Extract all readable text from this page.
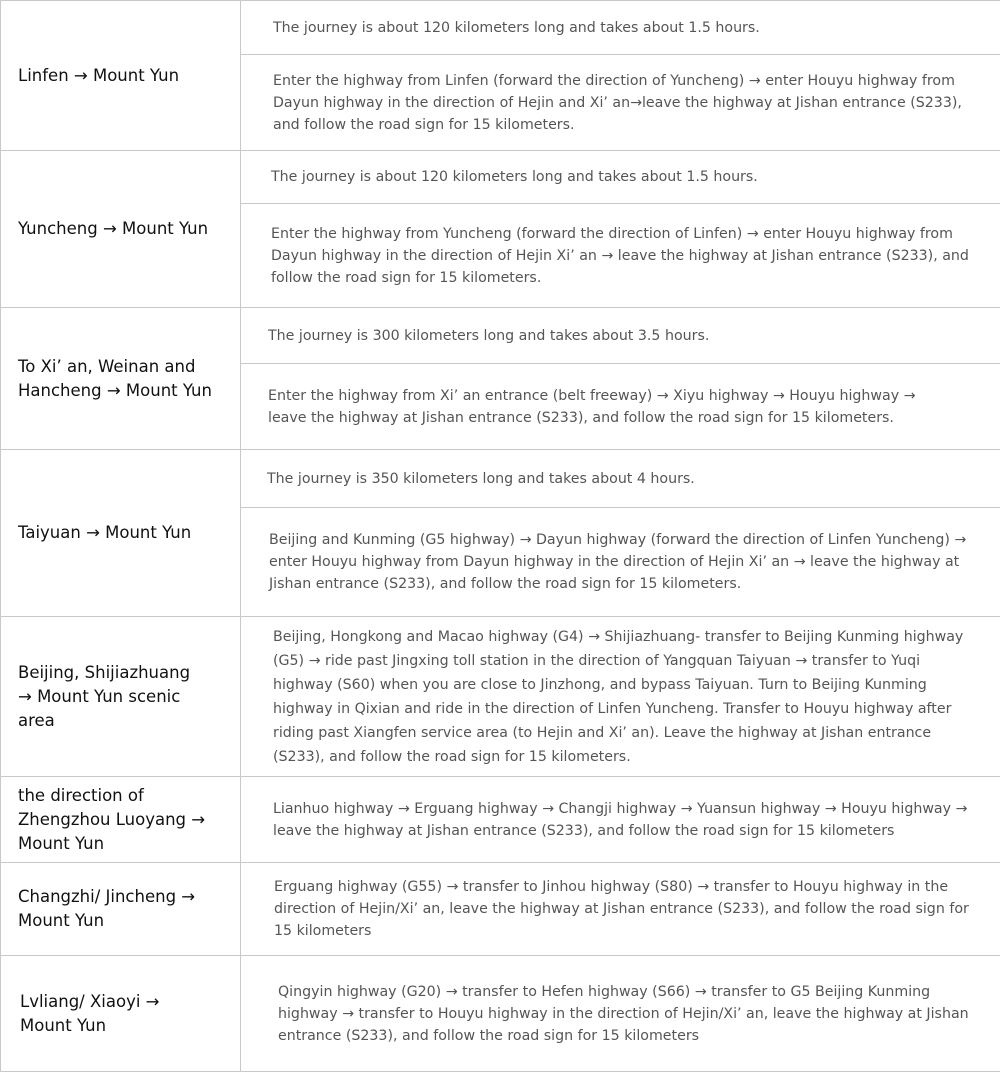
Linfen → Mount Yun	The journey is about 120 kilometers long and takes about 1.5 hours.

	Enter the highway from Linfen (forward the direction of Yuncheng) → enter Houyu highway from Dayun highway in the direction of Hejin and Xi’ an→leave the highway at Jishan entrance (S233), and follow the road sign for 15 kilometers.

Yuncheng → Mount Yun	The journey is about 120 kilometers long and takes about 1.5 hours.

	Enter the highway from Yuncheng (forward the direction of Linfen) → enter Houyu highway from Dayun highway in the direction of Hejin Xi’ an → leave the highway at Jishan entrance (S233), and follow the road sign for 15 kilometers.

To Xi’ an, Weinan and Hancheng → Mount Yun	The journey is 300 kilometers long and takes about 3.5 hours.

	Enter the highway from Xi’ an entrance (belt freeway) → Xiyu highway → Houyu highway → leave the highway at Jishan entrance (S233), and follow the road sign for 15 kilometers.

Taiyuan → Mount Yun	The journey is 350 kilometers long and takes about 4 hours.

	Beijing and Kunming (G5 highway) → Dayun highway (forward the direction of Linfen Yuncheng) → enter Houyu highway from Dayun highway in the direction of Hejin Xi’ an → leave the highway at Jishan entrance (S233), and follow the road sign for 15 kilometers.

Beijing, Shijiazhuang → Mount Yun scenic area	Beijing, Hongkong and Macao highway (G4) → Shijiazhuang- transfer to Beijing Kunming highway (G5) → ride past Jingxing toll station in the direction of Yangquan Taiyuan → transfer to Yuqi highway (S60) when you are close to Jinzhong, and bypass Taiyuan. Turn to Beijing Kunming highway in Qixian and ride in the direction of Linfen Yuncheng. Transfer to Houyu highway after riding past Xiangfen service area (to Hejin and Xi’ an). Leave the highway at Jishan entrance (S233), and follow the road sign for 15 kilometers.

the direction of Zhengzhou Luoyang → Mount Yun	Lianhuo highway → Erguang highway → Changji highway → Yuansun highway → Houyu highway → leave the highway at Jishan entrance (S233), and follow the road sign for 15 kilometers

Changzhi/ Jincheng → Mount Yun	Erguang highway (G55) → transfer to Jinhou highway (S80) → transfer to Houyu highway in the direction of Hejin/Xi’ an, leave the highway at Jishan entrance (S233), and follow the road sign for 15 kilometers

Lvliang/ Xiaoyi → Mount Yun	Qingyin highway (G20) → transfer to Hefen highway (S66) → transfer to G5 Beijing Kunming highway → transfer to Houyu highway in the direction of Hejin/Xi’ an, leave the highway at Jishan entrance (S233), and follow the road sign for 15 kilometers
